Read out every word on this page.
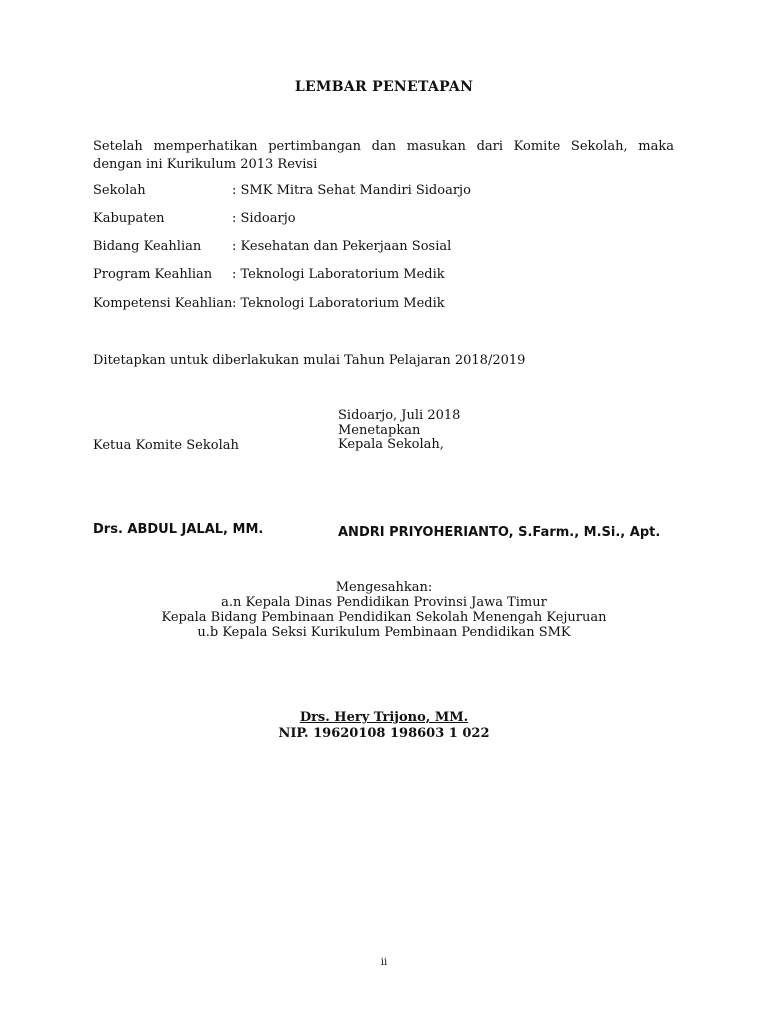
LEMBAR PENETAPAN
Setelah memperhatikan pertimbangan dan masukan dari Komite Sekolah, maka dengan ini Kurikulum 2013 Revisi
Sekolah	: SMK Mitra Sehat Mandiri Sidoarjo
Kabupaten	: Sidoarjo
Bidang Keahlian : Kesehatan dan Pekerjaan Sosial
Program Keahlian : Teknologi Laboratorium Medik
Kompetensi Keahlian: Teknologi Laboratorium Medik
Ditetapkan untuk diberlakukan mulai Tahun Pelajaran 2018/2019
Sidoarjo, Juli 2018
Menetapkan
Kepala Sekolah,
Ketua Komite Sekolah
Drs. ABDUL JALAL, MM.	ANDRI PRIYOHERIANTO, S.Farm., M.Si., Apt.
Mengesahkan:
a.n Kepala Dinas Pendidikan Provinsi Jawa Timur
Kepala Bidang Pembinaan Pendidikan Sekolah Menengah Kejuruan
u.b Kepala Seksi Kurikulum Pembinaan Pendidikan SMK
Drs. Hery Trijono, MM.
NIP. 19620108 198603 1 022
ii
